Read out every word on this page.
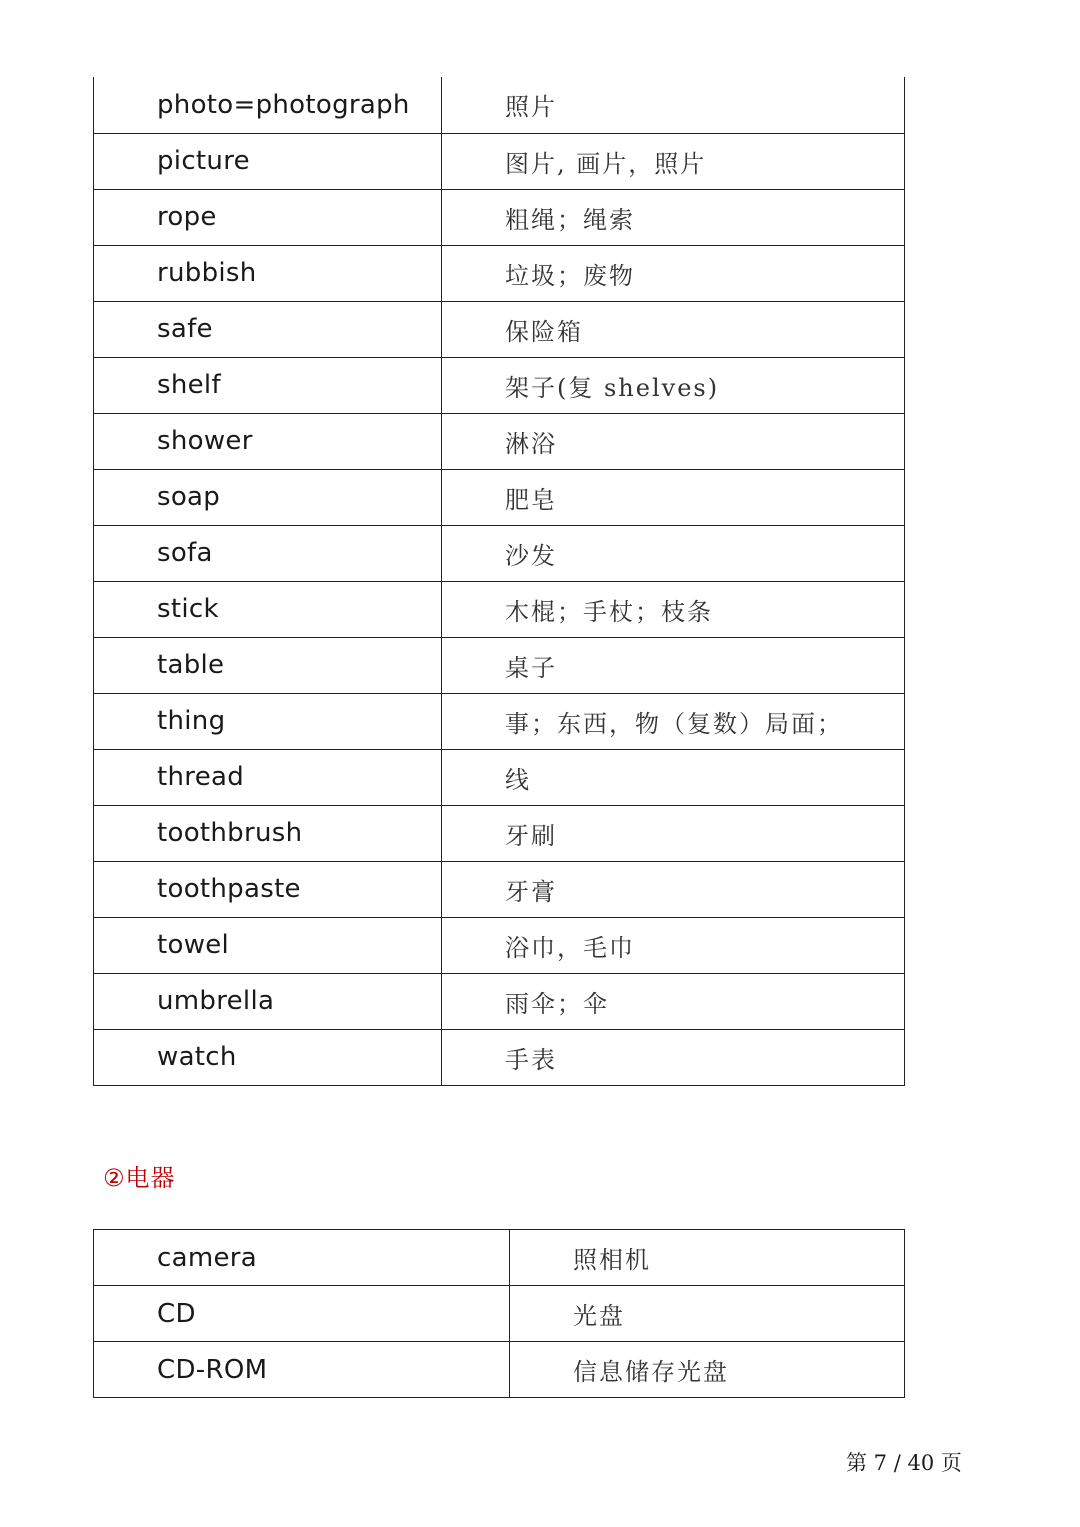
photo=photograph	照片
picture	图片, 画片，照片
rope	粗绳；绳索
rubbish	垃圾；废物
safe	保险箱
shelf	架子(复 shelves)
shower	淋浴
soap	肥皂
sofa	沙发
stick	木棍；手杖；枝条
table	桌子
thing	事；东西，物（复数）局面；
thread	线
toothbrush	牙刷
toothpaste	牙膏
towel	浴巾，毛巾
umbrella	雨伞；伞
watch	手表
②电器
camera	照相机
CD	光盘
CD-ROM	信息储存光盘
第 7 / 40 页
